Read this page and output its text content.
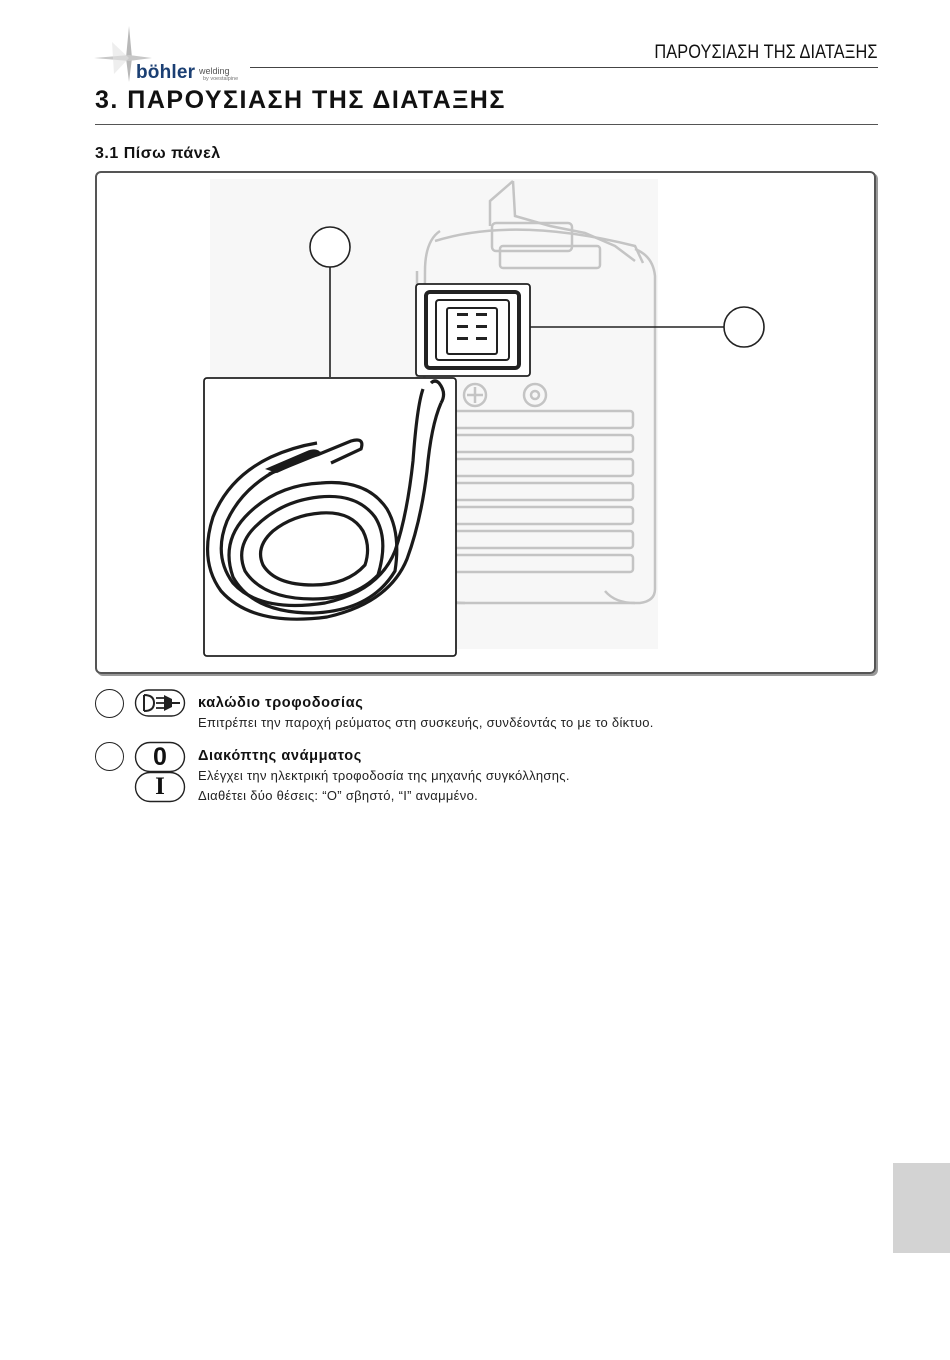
böhler welding
by voestalpine
ΠΑΡΟΥΣΙΑΣΗ ΤΗΣ ΔΙΑΤΑΞΗΣ
3. ΠΑΡΟΥΣΙΑΣΗ ΤΗΣ ΔΙΑΤΑΞΗΣ
3.1 Πίσω πάνελ
καλώδιο τροφοδοσίας
Επιτρέπει την παροχή ρεύματος στη συσκευής, συνδέοντάς το με το δίκτυο.
0
I
Διακόπτης ανάμματος
Ελέγχει την ηλεκτρική τροφοδοσία της μηχανής συγκόλλησης.
Διαθέτει δύο θέσεις: “O” σβηστό, “I” αναμμένο.
